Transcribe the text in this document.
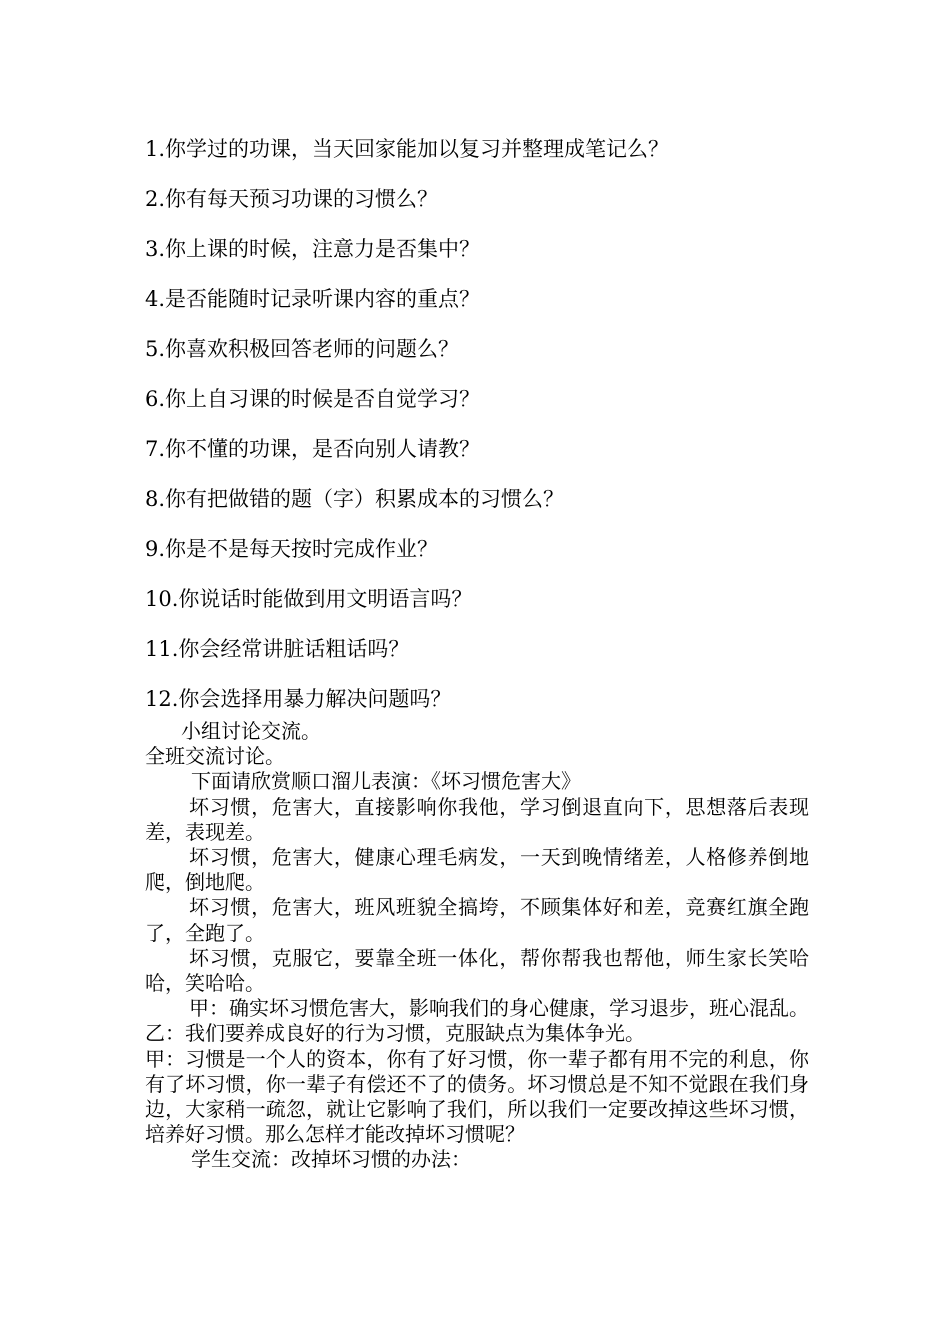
1.你学过的功课，当天回家能加以复习并整理成笔记么？
2.你有每天预习功课的习惯么？
3.你上课的时候，注意力是否集中？
4.是否能随时记录听课内容的重点？
5.你喜欢积极回答老师的问题么？
6.你上自习课的时候是否自觉学习？
7.你不懂的功课，是否向别人请教？
8.你有把做错的题（字）积累成本的习惯么？
9.你是不是每天按时完成作业？
10.你说话时能做到用文明语言吗？
11.你会经常讲脏话粗话吗？
12.你会选择用暴力解决问题吗？

小组讨论交流。

全班交流讨论。

下面请欣赏顺口溜儿表演：《坏习惯危害大》

坏习惯，危害大，直接影响你我他，学习倒退直向下，思想落后表现差，表现差。

坏习惯，危害大，健康心理毛病发，一天到晚情绪差，人格修养倒地爬，倒地爬。

坏习惯，危害大，班风班貌全搞垮，不顾集体好和差，竞赛红旗全跑了，全跑了。

坏习惯，克服它，要靠全班一体化，帮你帮我也帮他，师生家长笑哈哈，笑哈哈。

甲：确实坏习惯危害大，影响我们的身心健康，学习退步，班心混乱。

乙：我们要养成良好的行为习惯，克服缺点为集体争光。

甲：习惯是一个人的资本，你有了好习惯，你一辈子都有用不完的利息，你有了坏习惯，你一辈子有偿还不了的债务。坏习惯总是不知不觉跟在我们身边，大家稍一疏忽，就让它影响了我们，所以我们一定要改掉这些坏习惯，培养好习惯。那么怎样才能改掉坏习惯呢？

学生交流：改掉坏习惯的办法：
